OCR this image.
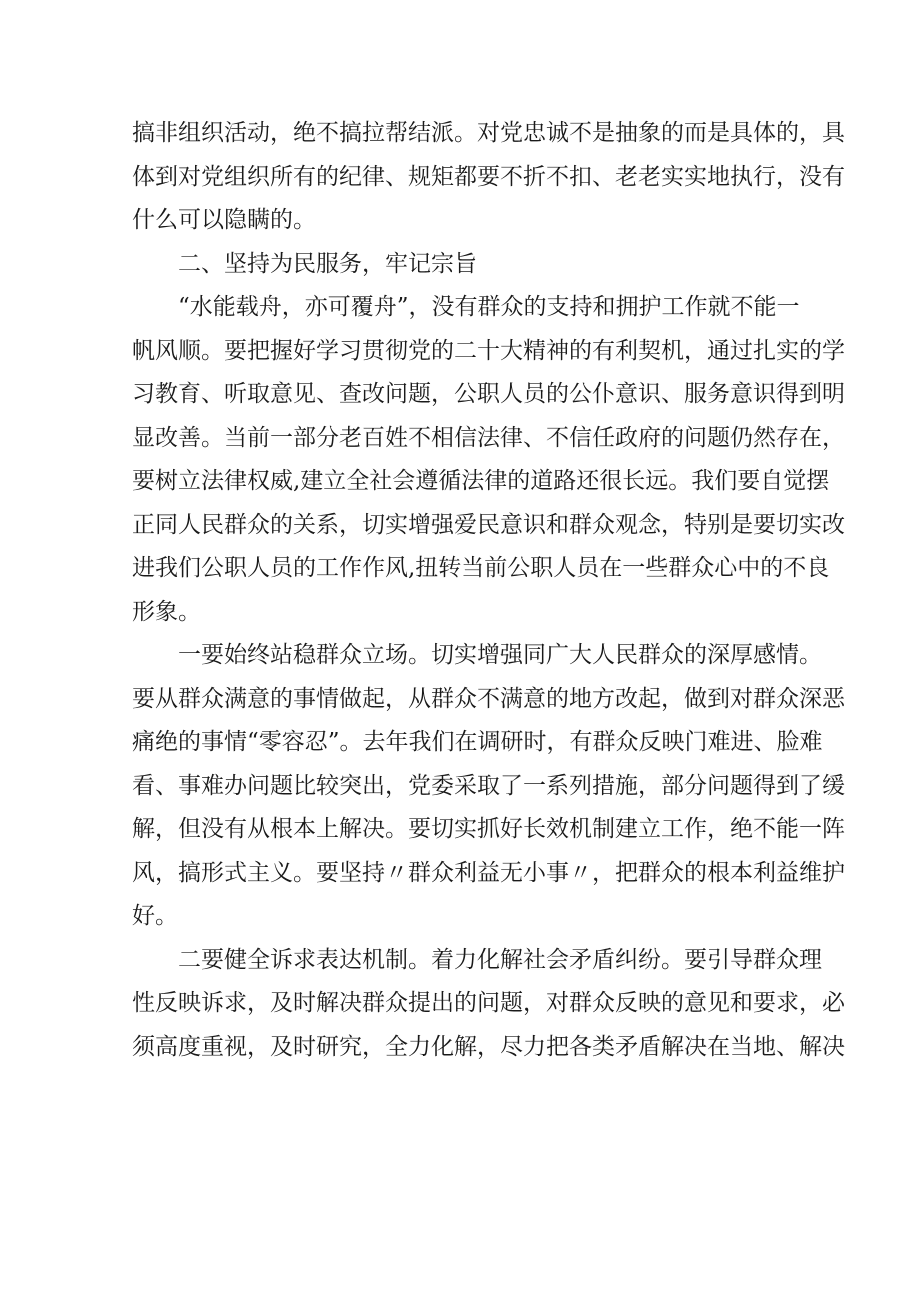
搞非组织活动，绝不搞拉帮结派。对党忠诚不是抽象的而是具体的，具
体到对党组织所有的纪律、规矩都要不折不扣、老老实实地执行，没有
什么可以隐瞒的。
二、坚持为民服务，牢记宗旨
“水能载舟，亦可覆舟”，没有群众的支持和拥护工作就不能一
帆风顺。要把握好学习贯彻党的二十大精神的有利契机，通过扎实的学
习教育、听取意见、查改问题，公职人员的公仆意识、服务意识得到明
显改善。当前一部分老百姓不相信法律、不信任政府的问题仍然存在，
要树立法律权威,建立全社会遵循法律的道路还很长远。我们要自觉摆
正同人民群众的关系，切实增强爱民意识和群众观念，特别是要切实改
进我们公职人员的工作作风,扭转当前公职人员在一些群众心中的不良
形象。
一要始终站稳群众立场。切实增强同广大人民群众的深厚感情。
要从群众满意的事情做起，从群众不满意的地方改起，做到对群众深恶
痛绝的事情“零容忍”。去年我们在调研时，有群众反映门难进、脸难
看、事难办问题比较突出，党委采取了一系列措施，部分问题得到了缓
解，但没有从根本上解决。要切实抓好长效机制建立工作，绝不能一阵
风，搞形式主义。要坚持〃群众利益无小事〃，把群众的根本利益维护
好。
二要健全诉求表达机制。着力化解社会矛盾纠纷。要引导群众理
性反映诉求，及时解决群众提出的问题，对群众反映的意见和要求，必
须高度重视，及时研究，全力化解，尽力把各类矛盾解决在当地、解决
